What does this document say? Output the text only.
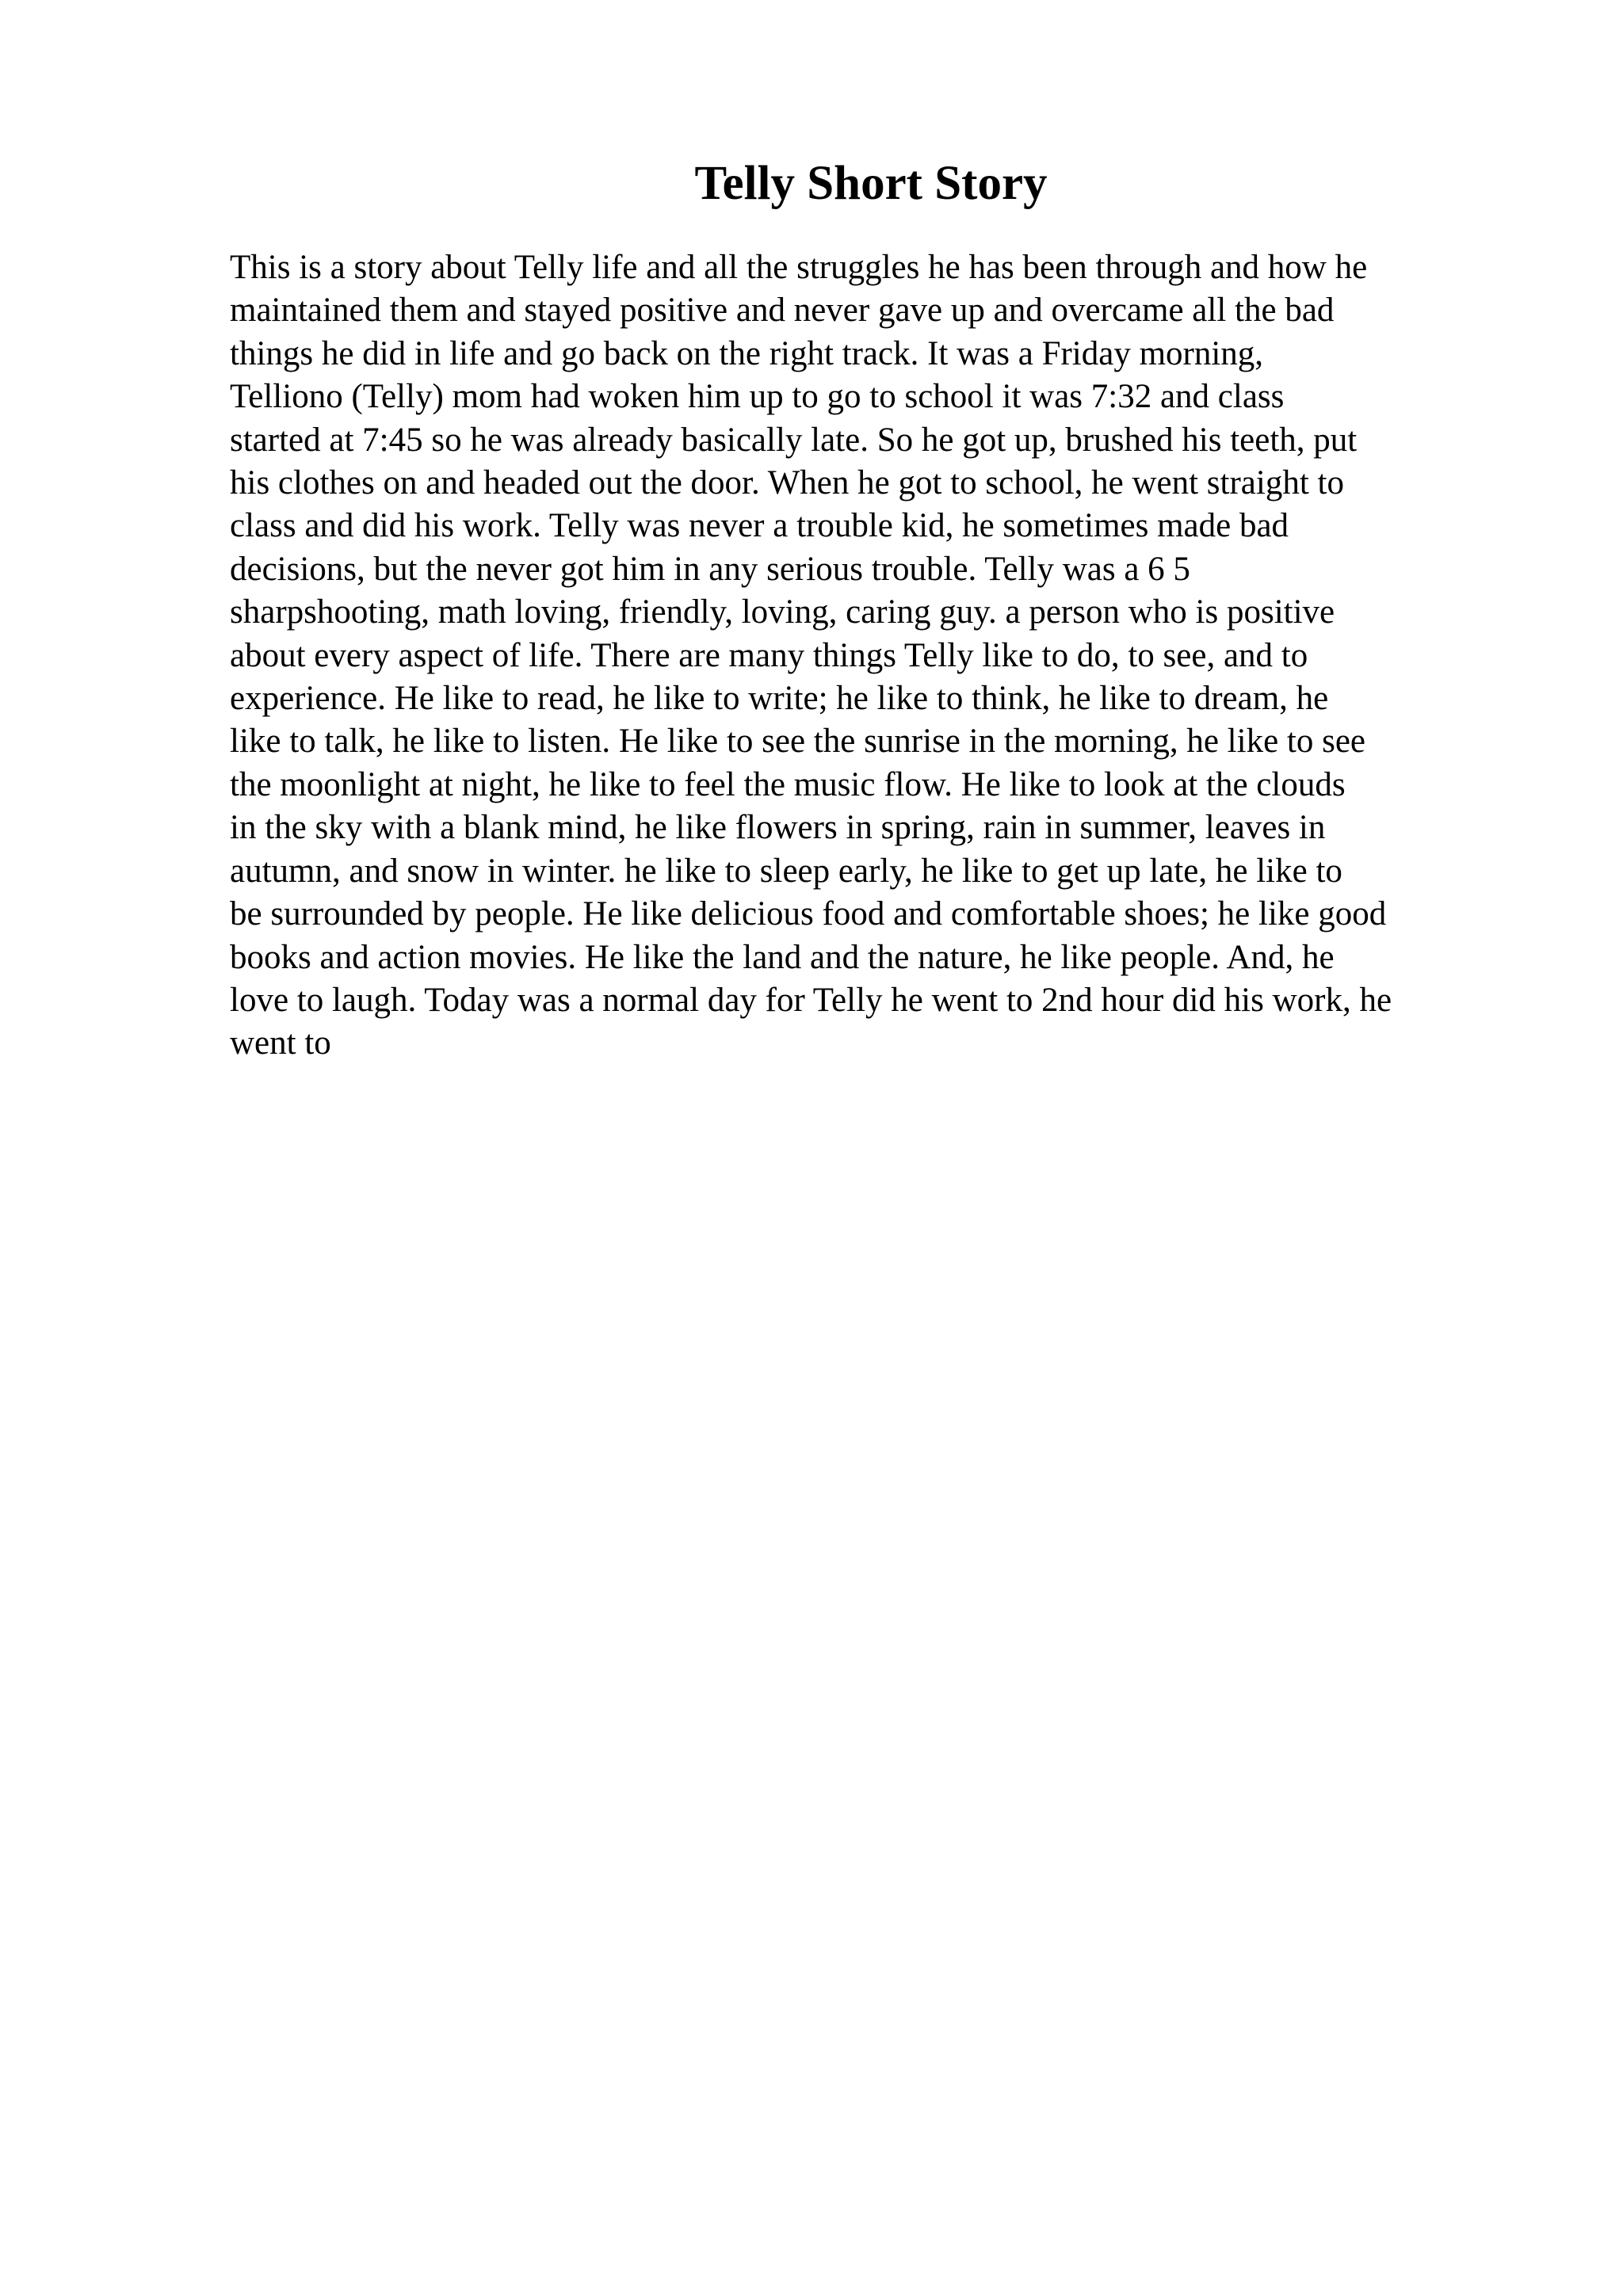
Telly Short Story
This is a story about Telly life and all the struggles he has been through and how he
maintained them and stayed positive and never gave up and overcame all the bad
things he did in life and go back on the right track. It was a Friday morning,
Telliono (Telly) mom had woken him up to go to school it was 7:32 and class
started at 7:45 so he was already basically late. So he got up, brushed his teeth, put
his clothes on and headed out the door. When he got to school, he went straight to
class and did his work. Telly was never a trouble kid, he sometimes made bad
decisions, but the never got him in any serious trouble. Telly was a 6 5
sharpshooting, math loving, friendly, loving, caring guy. a person who is positive
about every aspect of life. There are many things Telly like to do, to see, and to
experience. He like to read, he like to write; he like to think, he like to dream, he
like to talk, he like to listen. He like to see the sunrise in the morning, he like to see
the moonlight at night, he like to feel the music flow. He like to look at the clouds
in the sky with a blank mind, he like flowers in spring, rain in summer, leaves in
autumn, and snow in winter. he like to sleep early, he like to get up late, he like to
be surrounded by people. He like delicious food and comfortable shoes; he like good
books and action movies. He like the land and the nature, he like people. And, he
love to laugh. Today was a normal day for Telly he went to 2nd hour did his work, he
went to
